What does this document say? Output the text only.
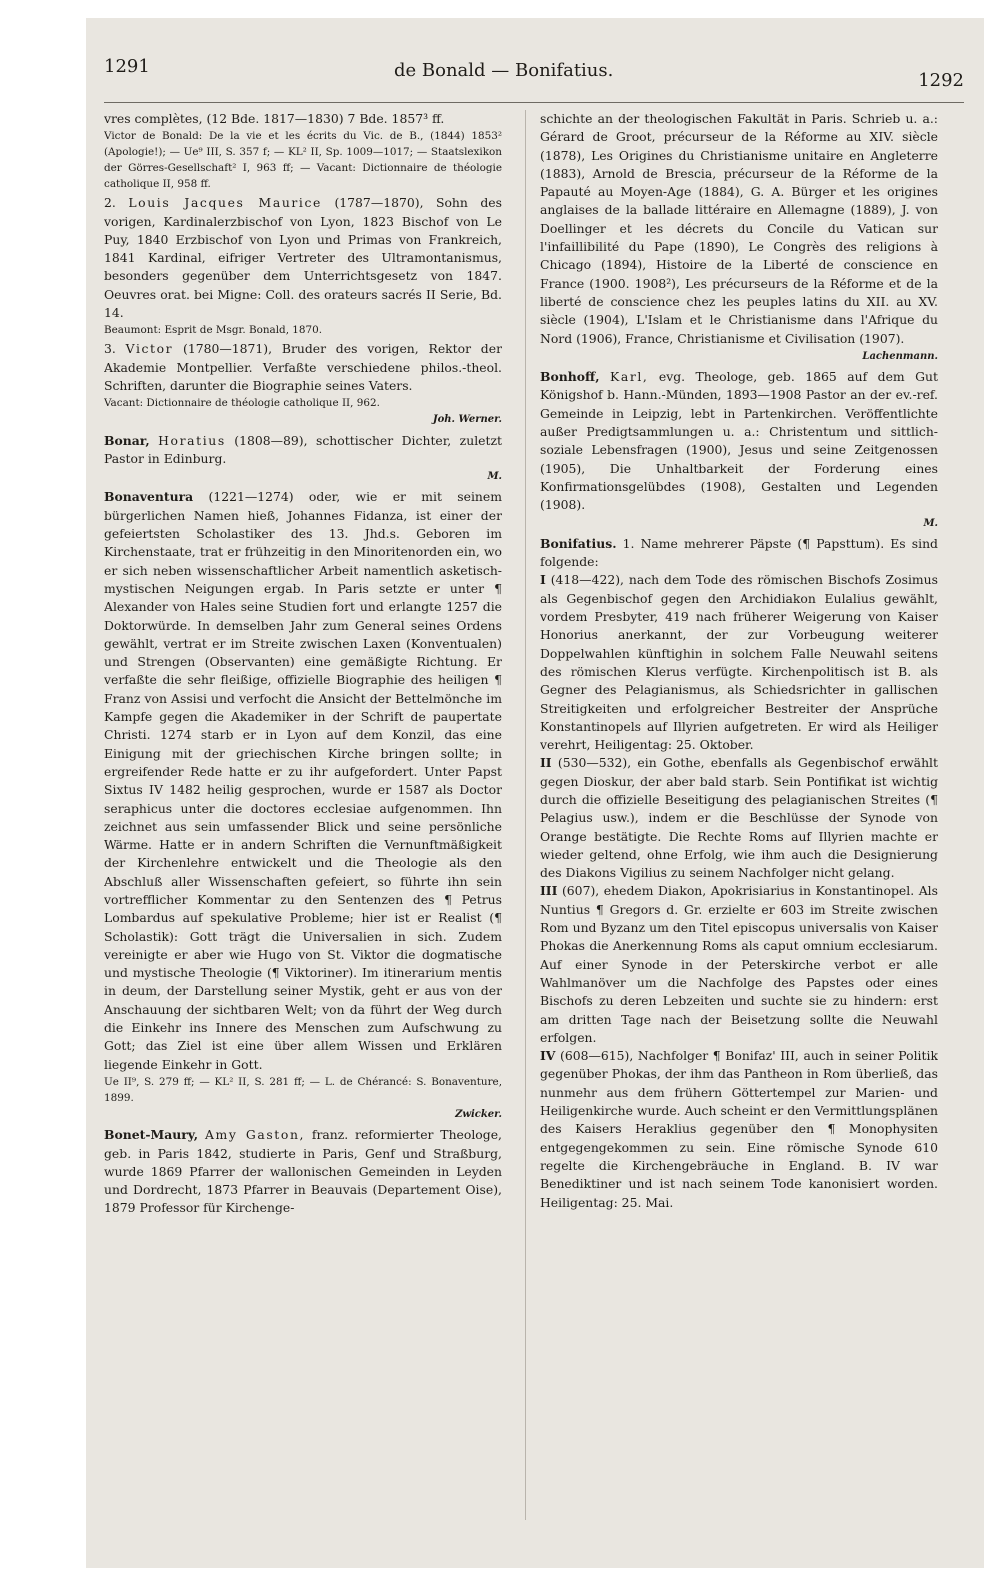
1291	de Bonald — Bonifatius.	1292

vres complètes, (12 Bde. 1817—1830) 7 Bde. 1857³ ff.

Victor de Bonald: De la vie et les écrits du Vic. de B., (1844) 1853² (Apologie!); — Ue⁹ III, S. 357 f; — KL² II, Sp. 1009—1017; — Staatslexikon der Görres-Gesellschaft² I, 963 ff; — Vacant: Dictionnaire de théologie catholique II, 958 ff.

2. Louis Jacques Maurice (1787—1870), Sohn des vorigen, Kardinalerzbischof von Lyon, 1823 Bischof von Le Puy, 1840 Erzbischof von Lyon und Primas von Frankreich, 1841 Kardinal, eifriger Vertreter des Ultramontanismus, besonders gegenüber dem Unterrichtsgesetz von 1847. Oeuvres orat. bei Migne: Coll. des orateurs sacrés II Serie, Bd. 14.

Beaumont: Esprit de Msgr. Bonald, 1870.

3. Victor (1780—1871), Bruder des vorigen, Rektor der Akademie Montpellier. Verfaßte verschiedene philos.-theol. Schriften, darunter die Biographie seines Vaters.

Vacant: Dictionnaire de théologie catholique II, 962.

Joh. Werner.

Bonar, Horatius (1808—89), schottischer Dichter, zuletzt Pastor in Edinburg.

M.

Bonaventura (1221—1274) oder, wie er mit seinem bürgerlichen Namen hieß, Johannes Fidanza, ist einer der gefeiertsten Scholastiker des 13. Jhd.s. Geboren im Kirchenstaate, trat er frühzeitig in den Minoritenorden ein, wo er sich neben wissenschaftlicher Arbeit namentlich asketisch-mystischen Neigungen ergab. In Paris setzte er unter ¶ Alexander von Hales seine Studien fort und erlangte 1257 die Doktorwürde. In demselben Jahr zum General seines Ordens gewählt, vertrat er im Streite zwischen Laxen (Konventualen) und Strengen (Observanten) eine gemäßigte Richtung. Er verfaßte die sehr fleißige, offizielle Biographie des heiligen ¶ Franz von Assisi und verfocht die Ansicht der Bettelmönche im Kampfe gegen die Akademiker in der Schrift de paupertate Christi. 1274 starb er in Lyon auf dem Konzil, das eine Einigung mit der griechischen Kirche bringen sollte; in ergreifender Rede hatte er zu ihr aufgefordert. Unter Papst Sixtus IV 1482 heilig gesprochen, wurde er 1587 als Doctor seraphicus unter die doctores ecclesiae aufgenommen. Ihn zeichnet aus sein umfassender Blick und seine persönliche Wärme. Hatte er in andern Schriften die Vernunftmäßigkeit der Kirchenlehre entwickelt und die Theologie als den Abschluß aller Wissenschaften gefeiert, so führte ihn sein vortrefflicher Kommentar zu den Sentenzen des ¶ Petrus Lombardus auf spekulative Probleme; hier ist er Realist (¶ Scholastik): Gott trägt die Universalien in sich. Zudem vereinigte er aber wie Hugo von St. Viktor die dogmatische und mystische Theologie (¶ Viktoriner). Im itinerarium mentis in deum, der Darstellung seiner Mystik, geht er aus von der Anschauung der sichtbaren Welt; von da führt der Weg durch die Einkehr ins Innere des Menschen zum Aufschwung zu Gott; das Ziel ist eine über allem Wissen und Erklären liegende Einkehr in Gott.

Ue II⁹, S. 279 ff; — KL² II, S. 281 ff; — L. de Chérancé: S. Bonaventure, 1899.

Zwicker.

Bonet-Maury, Amy Gaston, franz. reformierter Theologe, geb. in Paris 1842, studierte in Paris, Genf und Straßburg, wurde 1869 Pfarrer der wallonischen Gemeinden in Leyden und Dordrecht, 1873 Pfarrer in Beauvais (Departement Oise), 1879 Professor für Kirchenge-

schichte an der theologischen Fakultät in Paris. Schrieb u. a.: Gérard de Groot, précurseur de la Réforme au XIV. siècle (1878), Les Origines du Christianisme unitaire en Angleterre (1883), Arnold de Brescia, précurseur de la Réforme de la Papauté au Moyen-Age (1884), G. A. Bürger et les origines anglaises de la ballade littéraire en Allemagne (1889), J. von Doellinger et les décrets du Concile du Vatican sur l'infaillibilité du Pape (1890), Le Congrès des religions à Chicago (1894), Histoire de la Liberté de conscience en France (1900. 1908²), Les précurseurs de la Réforme et de la liberté de conscience chez les peuples latins du XII. au XV. siècle (1904), L'Islam et le Christianisme dans l'Afrique du Nord (1906), France, Christianisme et Civilisation (1907).

Lachenmann.

Bonhoff, Karl, evg. Theologe, geb. 1865 auf dem Gut Königshof b. Hann.-Münden, 1893—1908 Pastor an der ev.-ref. Gemeinde in Leipzig, lebt in Partenkirchen. Veröffentlichte außer Predigtsammlungen u. a.: Christentum und sittlich-soziale Lebensfragen (1900), Jesus und seine Zeitgenossen (1905), Die Unhaltbarkeit der Forderung eines Konfirmationsgelübdes (1908), Gestalten und Legenden (1908).

M.

Bonifatius. 1. Name mehrerer Päpste (¶ Papsttum). Es sind folgende:

I (418—422), nach dem Tode des römischen Bischofs Zosimus als Gegenbischof gegen den Archidiakon Eulalius gewählt, vordem Presbyter, 419 nach früherer Weigerung von Kaiser Honorius anerkannt, der zur Vorbeugung weiterer Doppelwahlen künftighin in solchem Falle Neuwahl seitens des römischen Klerus verfügte. Kirchenpolitisch ist B. als Gegner des Pelagianismus, als Schiedsrichter in gallischen Streitigkeiten und erfolgreicher Bestreiter der Ansprüche Konstantinopels auf Illyrien aufgetreten. Er wird als Heiliger verehrt, Heiligentag: 25. Oktober.

II (530—532), ein Gothe, ebenfalls als Gegenbischof erwählt gegen Dioskur, der aber bald starb. Sein Pontifikat ist wichtig durch die offizielle Beseitigung des pelagianischen Streites (¶ Pelagius usw.), indem er die Beschlüsse der Synode von Orange bestätigte. Die Rechte Roms auf Illyrien machte er wieder geltend, ohne Erfolg, wie ihm auch die Designierung des Diakons Vigilius zu seinem Nachfolger nicht gelang.

III (607), ehedem Diakon, Apokrisiarius in Konstantinopel. Als Nuntius ¶ Gregors d. Gr. erzielte er 603 im Streite zwischen Rom und Byzanz um den Titel episcopus universalis von Kaiser Phokas die Anerkennung Roms als caput omnium ecclesiarum. Auf einer Synode in der Peterskirche verbot er alle Wahlmanöver um die Nachfolge des Papstes oder eines Bischofs zu deren Lebzeiten und suchte sie zu hindern: erst am dritten Tage nach der Beisetzung sollte die Neuwahl erfolgen.

IV (608—615), Nachfolger ¶ Bonifaz' III, auch in seiner Politik gegenüber Phokas, der ihm das Pantheon in Rom überließ, das nunmehr aus dem frühern Göttertempel zur Marien- und Heiligenkirche wurde. Auch scheint er den Vermittlungsplänen des Kaisers Heraklius gegenüber den ¶ Monophysiten entgegengekommen zu sein. Eine römische Synode 610 regelte die Kirchengebräuche in England. B. IV war Benediktiner und ist nach seinem Tode kanonisiert worden. Heiligentag: 25. Mai.
